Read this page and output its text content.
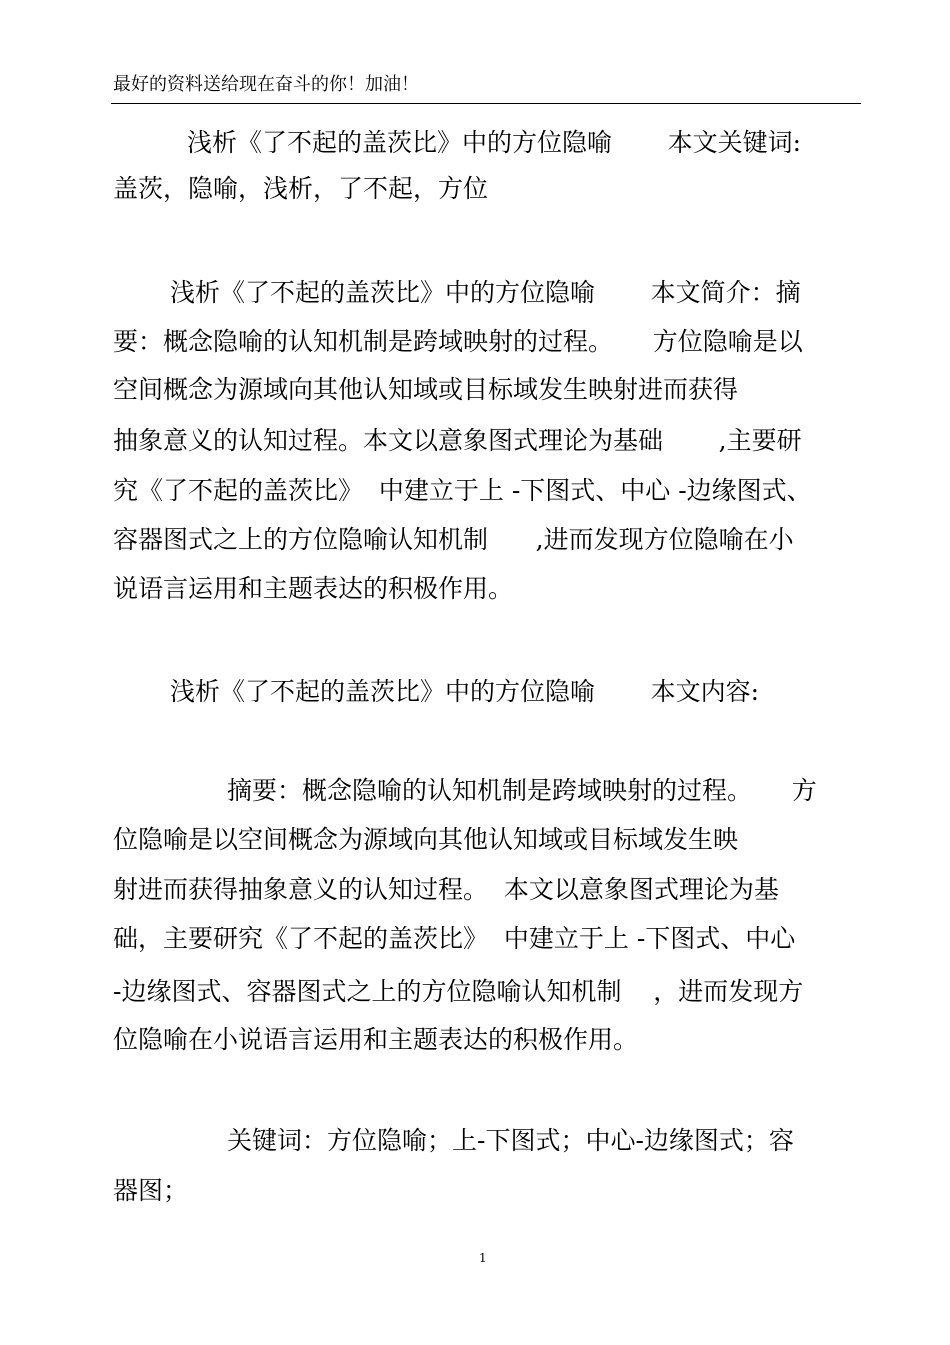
最好的资料送给现在奋斗的你！加油！
浅析《了不起的盖茨比》中的方位隐喻       本文关键词:
盖茨，隐喻，浅析，了不起，方位
浅析《了不起的盖茨比》中的方位隐喻       本文简介：摘
要：概念隐喻的认知机制是跨域映射的过程。     方位隐喻是以
空间概念为源域向其他认知域或目标域发生映射进而获得
抽象意义的认知过程。本文以意象图式理论为基础       ,主要研
究《了不起的盖茨比》  中建立于上 -下图式、中心 -边缘图式、
容器图式之上的方位隐喻认知机制      ,进而发现方位隐喻在小
说语言运用和主题表达的积极作用。
浅析《了不起的盖茨比》中的方位隐喻       本文内容:
摘要：概念隐喻的认知机制是跨域映射的过程。     方
位隐喻是以空间概念为源域向其他认知域或目标域发生映
射进而获得抽象意义的认知过程。  本文以意象图式理论为基
础，主要研究《了不起的盖茨比》  中建立于上 -下图式、中心
-边缘图式、容器图式之上的方位隐喻认知机制    ，进而发现方
位隐喻在小说语言运用和主题表达的积极作用。
关键词：方位隐喻；上-下图式；中心-边缘图式；容
器图；
1
